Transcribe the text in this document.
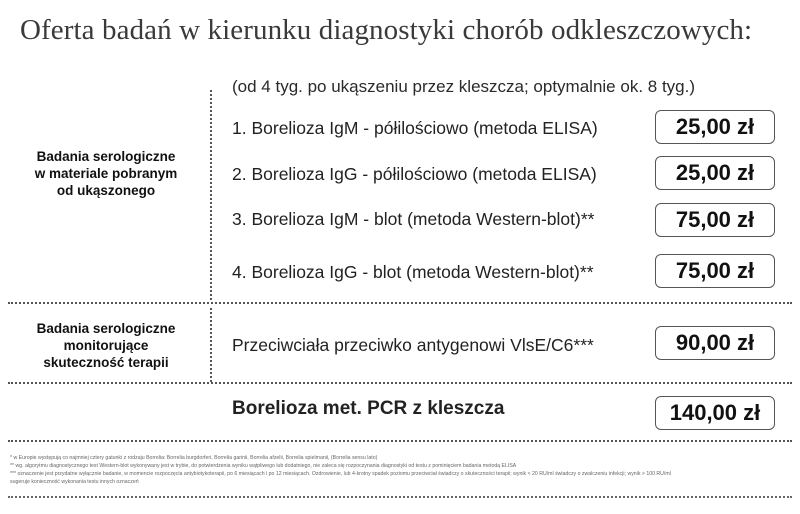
Oferta badań w kierunku diagnostyki chorób odkleszczowych:
(od 4 tyg. po ukąszeniu przez kleszcza; optymalnie ok. 8 tyg.)
Badania serologiczne
w materiale pobranym
od ukąszonego
1. Borelioza IgM - półilościowo (metoda ELISA)	25,00 zł
2. Borelioza IgG - półilościowo (metoda ELISA)	25,00 zł
3. Borelioza IgM - blot (metoda Western-blot)**	75,00 zł
4. Borelioza IgG - blot (metoda Western-blot)**	75,00 zł
Badania serologiczne
monitorujące
skuteczność terapii
Przeciwciała przeciwko antygenowi VlsE/C6***	90,00 zł
Borelioza met. PCR z kleszcza	140,00 zł
* w Europie występują co najmniej cztery gatunki z rodzaju Borrelia: Borrelia burgdorferi, Borrelia garinii, Borrelia afzelii, Borrelia spielmanii, (Borrelia sensu lato)
** wg. algorytmu diagnostycznego test Western-blot wykonywany jest w trybie, do potwierdzenia wyniku wątpliwego lub dodatniego, nie zaleca się rozpoczynania diagnostyki od testu z pominięciem badania metodą ELISA
*** oznaczenie jest przydatne wyłącznie badanie, w momencie rozpoczęcia antybiotykoterapii, po 6 miesiącach i po 12 miesiącach. Ozdrowienie, lub 4-krotny spadek poziomu przeciwciał świadczy o skuteczności terapii; wynik < 20 RU/ml świadczy o zwalczeniu infekcji; wynik > 100 RU/ml
sugeruje konieczność wykonania testu innych oznaczeń
